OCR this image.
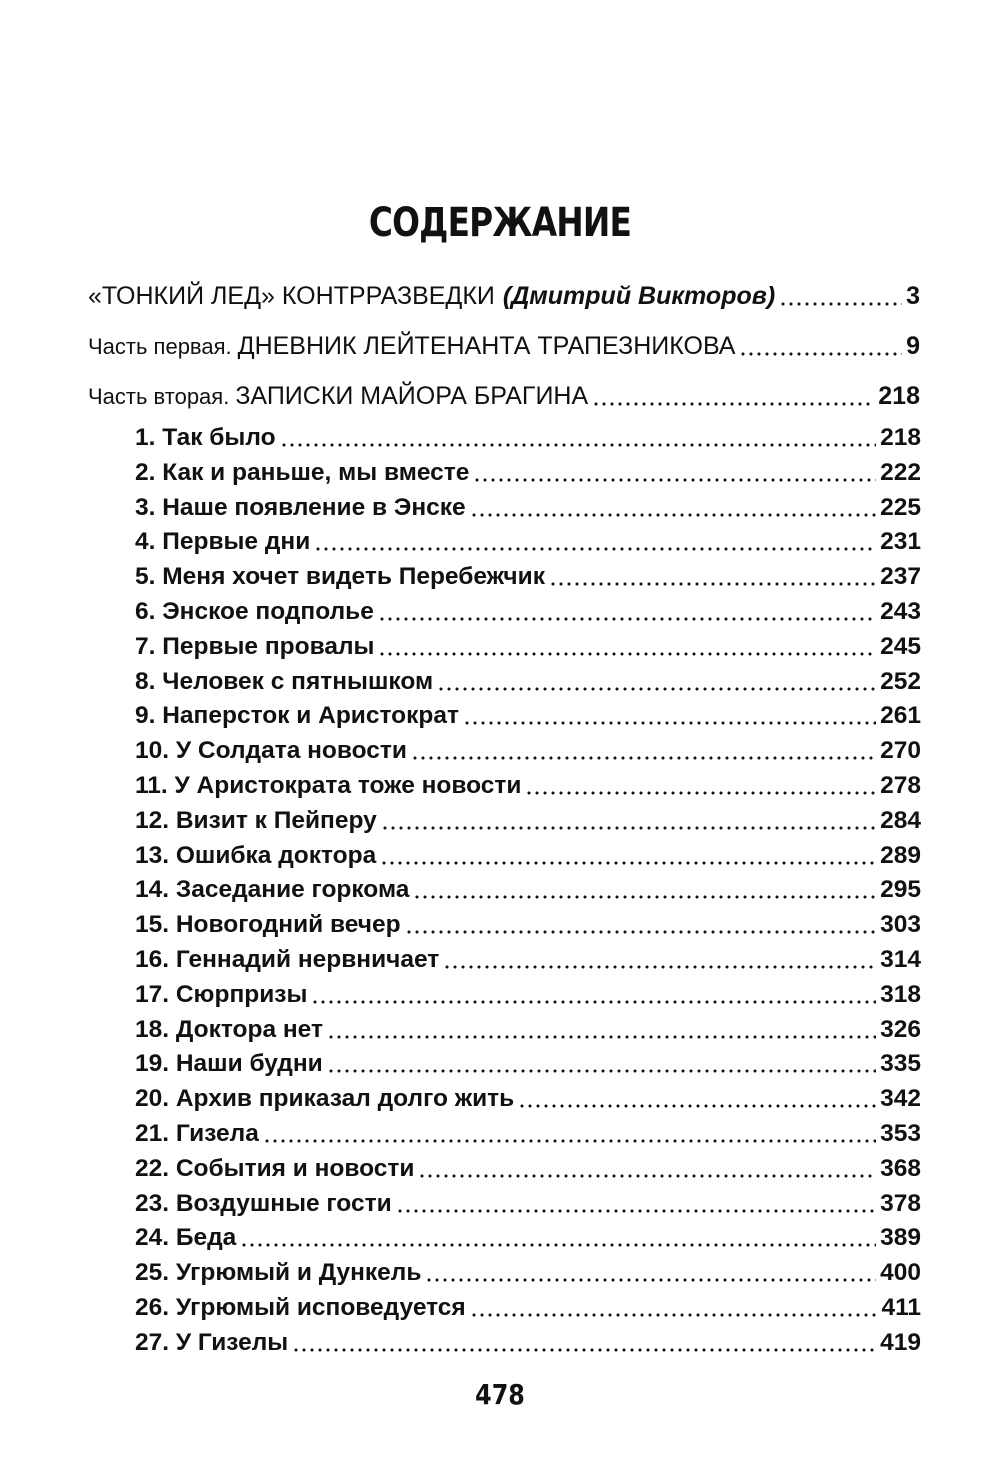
СОДЕРЖАНИЕ
«ТОНКИЙ ЛЕД» КОНТРРАЗВЕДКИ (Дмитрий Викторов)	3
Часть первая. ДНЕВНИК ЛЕЙТЕНАНТА ТРАПЕЗНИКОВА	9
Часть вторая. ЗАПИСКИ МАЙОРА БРАГИНА	218
1. Так было	218
2. Как и раньше, мы вместе	222
3. Наше появление в Энске	225
4. Первые дни	231
5. Меня хочет видеть Перебежчик	237
6. Энское подполье	243
7. Первые провалы	245
8. Человек с пятнышком	252
9. Наперсток и Аристократ	261
10. У Солдата новости	270
11. У Аристократа тоже новости	278
12. Визит к Пейперу	284
13. Ошибка доктора	289
14. Заседание горкома	295
15. Новогодний вечер	303
16. Геннадий нервничает	314
17. Сюрпризы	318
18. Доктора нет	326
19. Наши будни	335
20. Архив приказал долго жить	342
21. Гизела	353
22. События и новости	368
23. Воздушные гости	378
24. Беда	389
25. Угрюмый и Дункель	400
26. Угрюмый исповедуется	411
27. У Гизелы	419
478
